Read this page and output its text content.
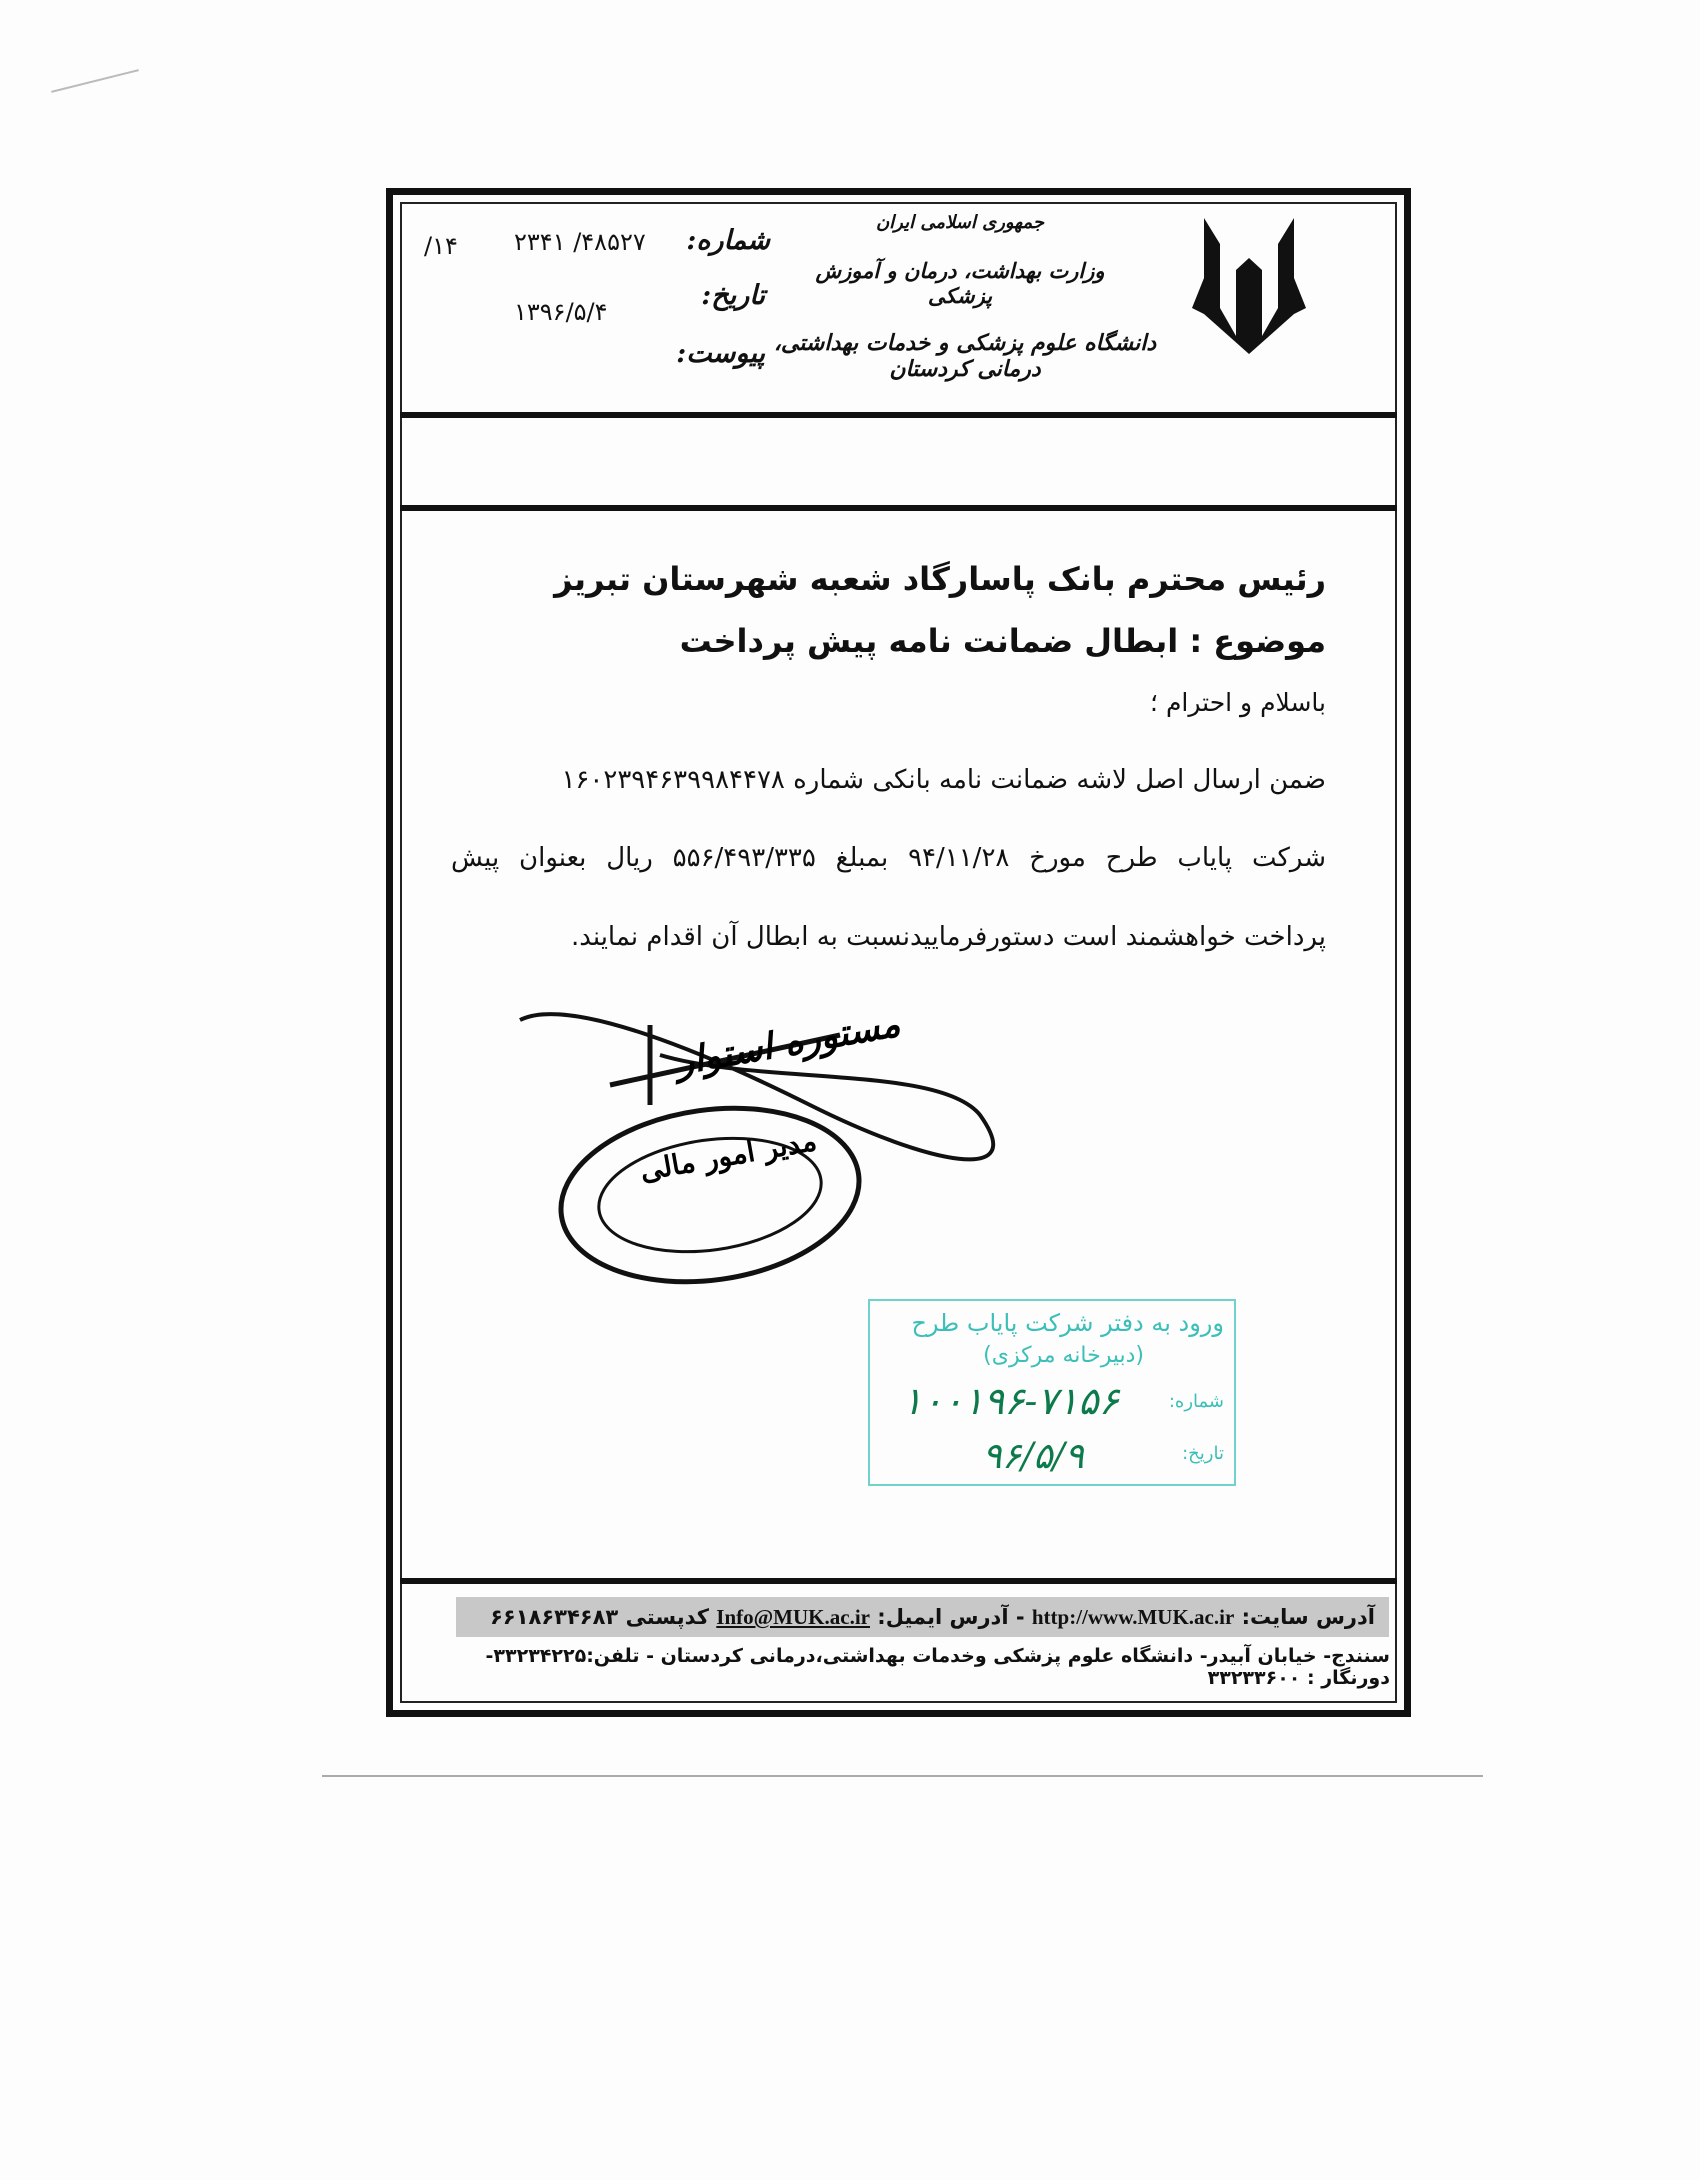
جمهوری اسلامی ایران
وزارت بهداشت، درمان و آموزش پزشکی
دانشگاه علوم پزشکی و خدمات بهداشتی، درمانی کردستان
شماره:
تاریخ:
پیوست:
۴۸۵۲۷/ ۲۳۴۱
۱۴/
۱۳۹۶/۵/۴
رئیس محترم بانک پاسارگاد شعبه شهرستان تبریز
موضوع : ابطال ضمانت نامه پیش پرداخت
باسلام و احترام ؛
ضمن ارسال اصل لاشه ضمانت نامه بانکی شماره ۱۶۰۲۳۹۴۶۳۹۹۸۴۴۷۸
شرکت پایاب طرح مورخ ۹۴/۱۱/۲۸ بمبلغ ۵۵۶/۴۹۳/۳۳۵ ریال بعنوان پیش
پرداخت خواهشمند است دستورفرماییدنسبت به ابطال آن اقدام نمایند.
مستوره استوار
مدیر امور مالی
ورود به دفتر شرکت پایاب طرح
(دبیرخانه مرکزی)
شماره:
۱۰۰۱۹۶-۷۱۵۶
تاریخ:
۹۶/۵/۹
آدرس سایت: http://www.MUK.ac.ir - آدرس ایمیل: Info@MUK.ac.ir کدپستی ۶۶۱۸۶۳۴۶۸۳
سنندج- خیابان آبیدر- دانشگاه علوم پزشکی وخدمات بهداشتی،درمانی کردستان - تلفن:۳۳۲۳۴۲۲۵- دورنگار : ۳۳۲۳۳۶۰۰
